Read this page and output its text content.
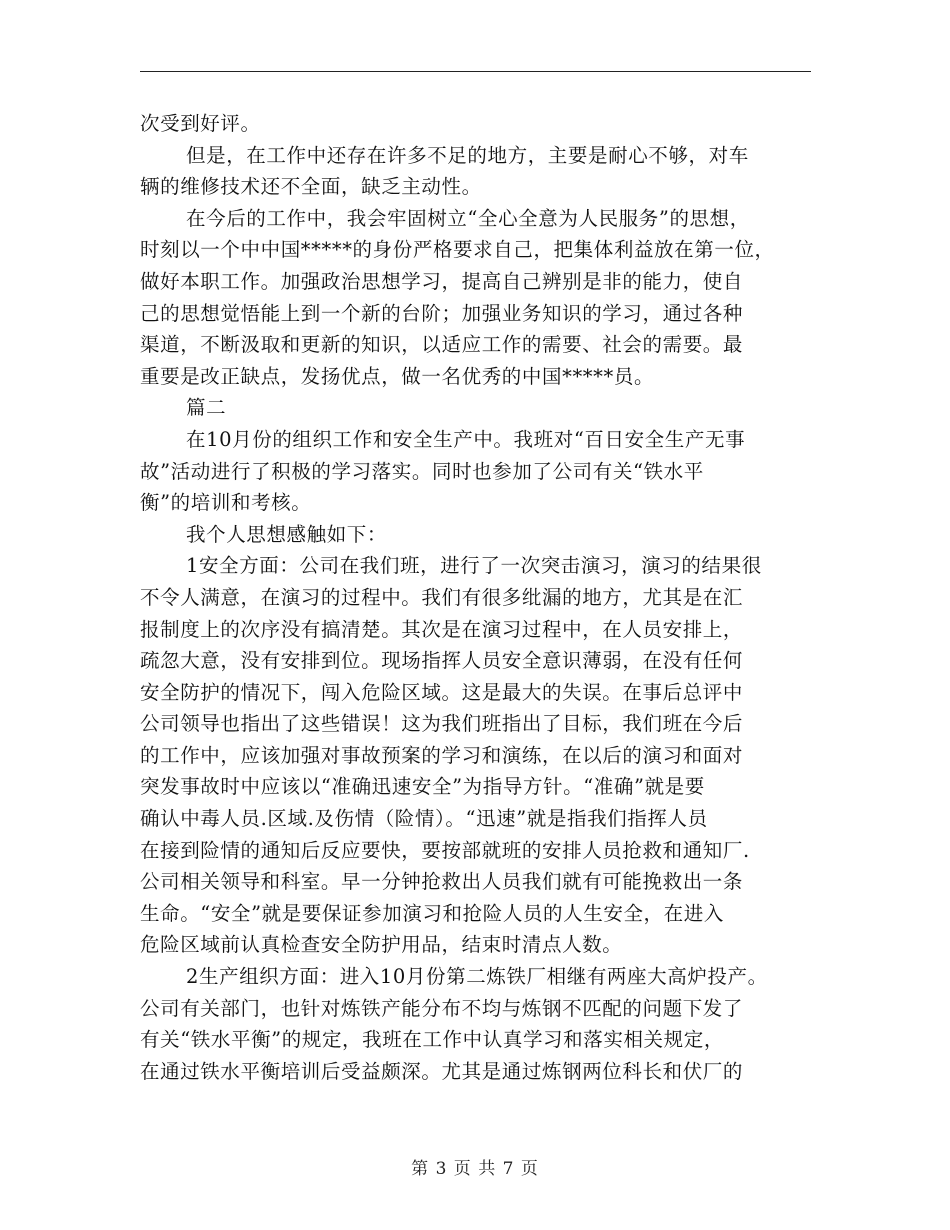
次受到好评。
但是，在工作中还存在许多不足的地方，主要是耐心不够，对车
辆的维修技术还不全面，缺乏主动性。
在今后的工作中，我会牢固树立“全心全意为人民服务”的思想，
时刻以一个中中国*****的身份严格要求自己，把集体利益放在第一位，
做好本职工作。加强政治思想学习，提高自己辨别是非的能力，使自
己的思想觉悟能上到一个新的台阶；加强业务知识的学习，通过各种
渠道，不断汲取和更新的知识，以适应工作的需要、社会的需要。最
重要是改正缺点，发扬优点，做一名优秀的中国*****员。
篇二
在10月份的组织工作和安全生产中。我班对“百日安全生产无事
故”活动进行了积极的学习落实。同时也参加了公司有关“铁水平
衡”的培训和考核。
我个人思想感触如下：
1安全方面：公司在我们班，进行了一次突击演习，演习的结果很
不令人满意，在演习的过程中。我们有很多纰漏的地方，尤其是在汇
报制度上的次序没有搞清楚。其次是在演习过程中，在人员安排上，
疏忽大意，没有安排到位。现场指挥人员安全意识薄弱，在没有任何
安全防护的情况下，闯入危险区域。这是最大的失误。在事后总评中
公司领导也指出了这些错误！这为我们班指出了目标，我们班在今后
的工作中，应该加强对事故预案的学习和演练，在以后的演习和面对
突发事故时中应该以“准确迅速安全”为指导方针。“准确”就是要
确认中毒人员.区域.及伤情（险情）。“迅速”就是指我们指挥人员
在接到险情的通知后反应要快，要按部就班的安排人员抢救和通知厂.
公司相关领导和科室。早一分钟抢救出人员我们就有可能挽救出一条
生命。“安全”就是要保证参加演习和抢险人员的人生安全，在进入
危险区域前认真检查安全防护用品，结束时清点人数。
2生产组织方面：进入10月份第二炼铁厂相继有两座大高炉投产。
公司有关部门，也针对炼铁产能分布不均与炼钢不匹配的问题下发了
有关“铁水平衡”的规定，我班在工作中认真学习和落实相关规定，
在通过铁水平衡培训后受益颇深。尤其是通过炼钢两位科长和伏厂的
第 3 页 共 7 页
